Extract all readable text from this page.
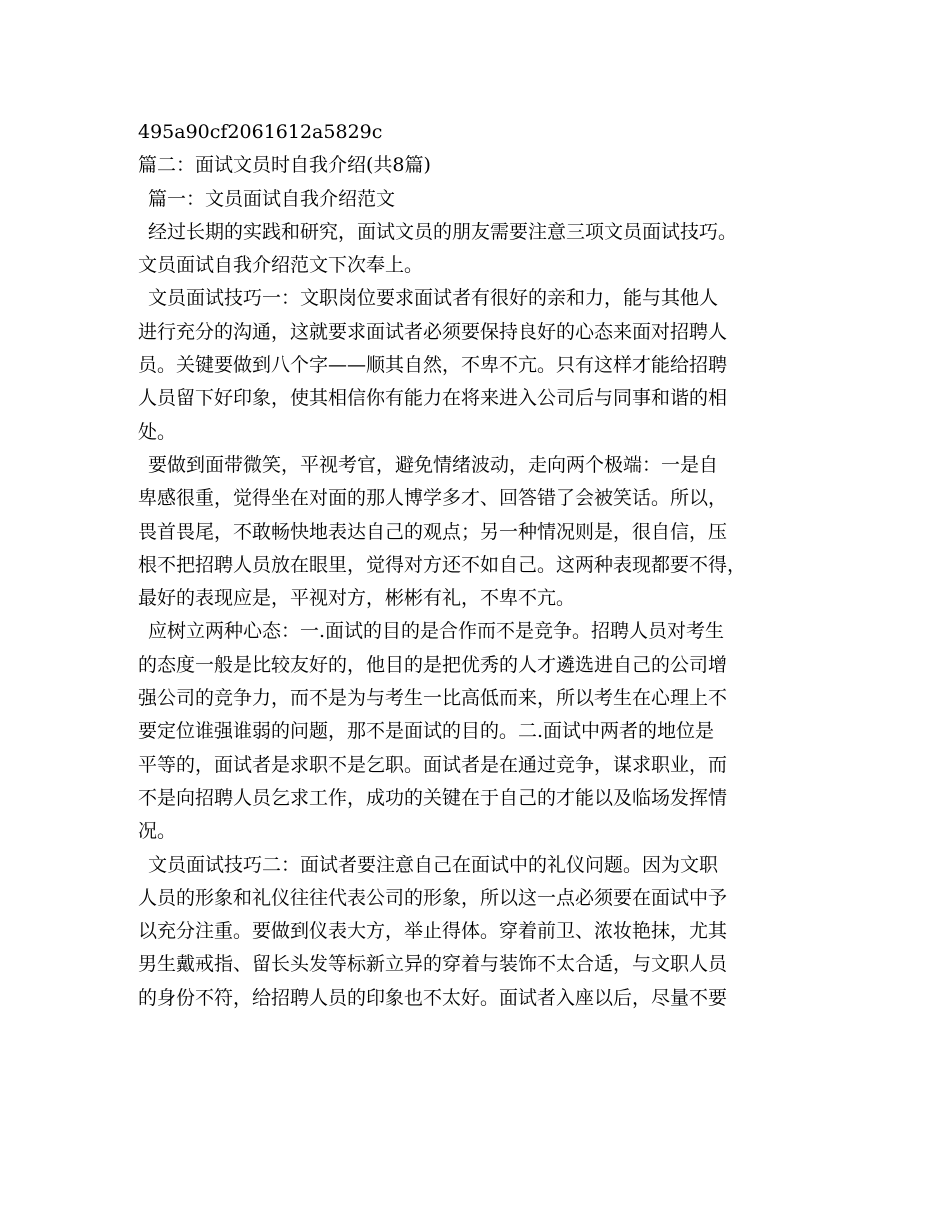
495a90cf2061612a5829c
篇二：面试文员时自我介绍(共8篇)
篇一：文员面试自我介绍范文
经过长期的实践和研究，面试文员的朋友需要注意三项文员面试技巧。
文员面试自我介绍范文下次奉上。
文员面试技巧一：文职岗位要求面试者有很好的亲和力，能与其他人
进行充分的沟通，这就要求面试者必须要保持良好的心态来面对招聘人
员。关键要做到八个字——顺其自然，不卑不亢。只有这样才能给招聘
人员留下好印象，使其相信你有能力在将来进入公司后与同事和谐的相
处。
要做到面带微笑，平视考官，避免情绪波动，走向两个极端：一是自
卑感很重，觉得坐在对面的那人博学多才、回答错了会被笑话。所以，
畏首畏尾，不敢畅快地表达自己的观点；另一种情况则是，很自信，压
根不把招聘人员放在眼里，觉得对方还不如自己。这两种表现都要不得，
最好的表现应是，平视对方，彬彬有礼，不卑不亢。
应树立两种心态：一.面试的目的是合作而不是竞争。招聘人员对考生
的态度一般是比较友好的，他目的是把优秀的人才遴选进自己的公司增
强公司的竞争力，而不是为与考生一比高低而来，所以考生在心理上不
要定位谁强谁弱的问题，那不是面试的目的。二.面试中两者的地位是
平等的，面试者是求职不是乞职。面试者是在通过竞争，谋求职业，而
不是向招聘人员乞求工作，成功的关键在于自己的才能以及临场发挥情
况。
文员面试技巧二：面试者要注意自己在面试中的礼仪问题。因为文职
人员的形象和礼仪往往代表公司的形象，所以这一点必须要在面试中予
以充分注重。要做到仪表大方，举止得体。穿着前卫、浓妆艳抹，尤其
男生戴戒指、留长头发等标新立异的穿着与装饰不太合适，与文职人员
的身份不符，给招聘人员的印象也不太好。面试者入座以后，尽量不要
